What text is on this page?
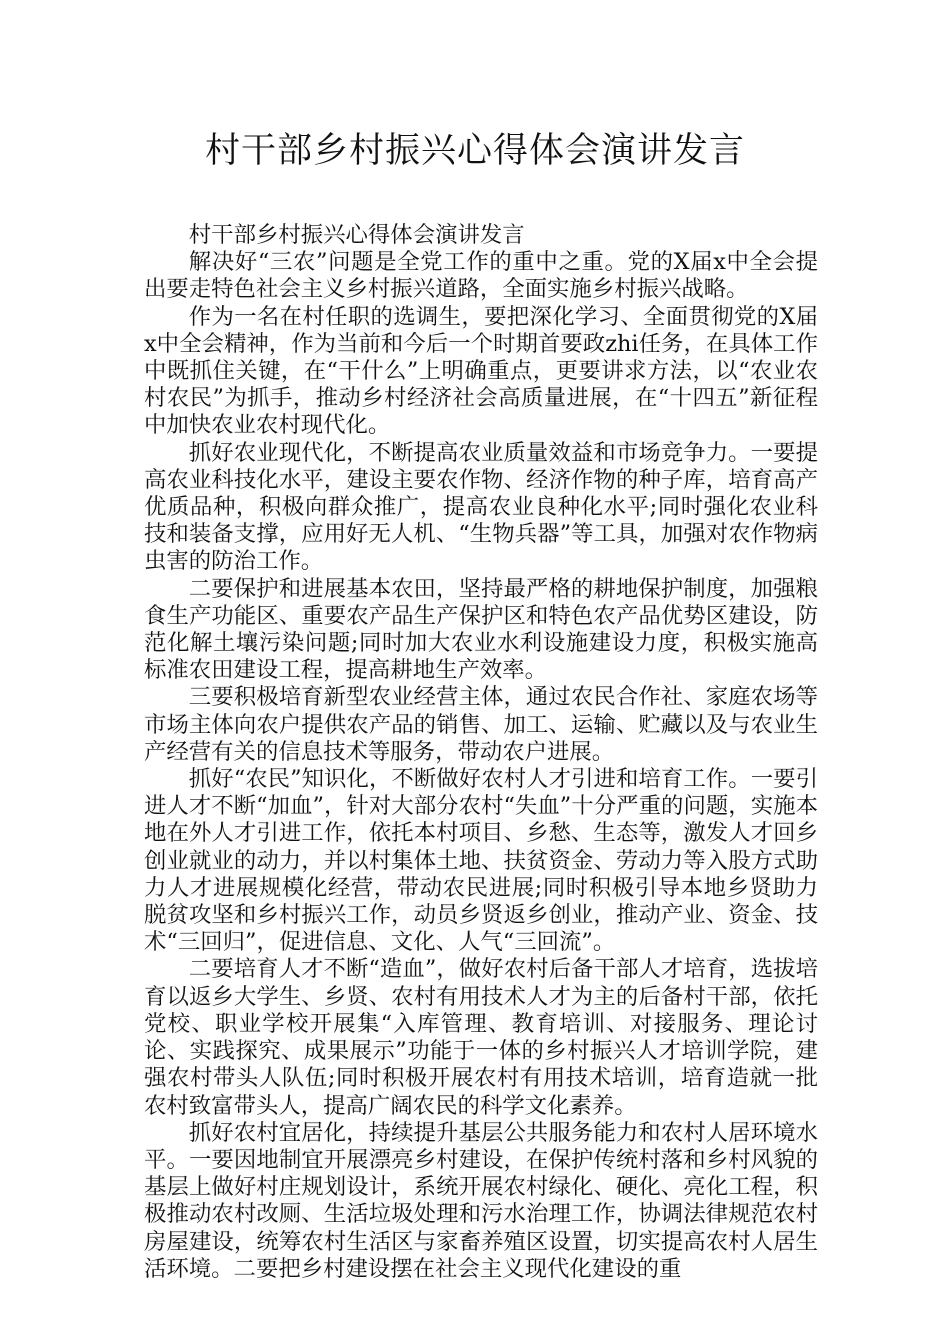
村干部乡村振兴心得体会演讲发言

村干部乡村振兴心得体会演讲发言

解决好“三农”问题是全党工作的重中之重。党的X届x中全会提出要走特色社会主义乡村振兴道路，全面实施乡村振兴战略。

作为一名在村任职的选调生，要把深化学习、全面贯彻党的X届x中全会精神，作为当前和今后一个时期首要政zhi任务，在具体工作中既抓住关键，在“干什么”上明确重点，更要讲求方法，以“农业农村农民”为抓手，推动乡村经济社会高质量进展，在“十四五”新征程中加快农业农村现代化。

抓好农业现代化，不断提高农业质量效益和市场竞争力。一要提高农业科技化水平，建设主要农作物、经济作物的种子库，培育高产优质品种，积极向群众推广，提高农业良种化水平;同时强化农业科技和装备支撑，应用好无人机、“生物兵器”等工具，加强对农作物病虫害的防治工作。

二要保护和进展基本农田，坚持最严格的耕地保护制度，加强粮食生产功能区、重要农产品生产保护区和特色农产品优势区建设，防范化解土壤污染问题;同时加大农业水利设施建设力度，积极实施高标准农田建设工程，提高耕地生产效率。

三要积极培育新型农业经营主体，通过农民合作社、家庭农场等市场主体向农户提供农产品的销售、加工、运输、贮藏以及与农业生产经营有关的信息技术等服务，带动农户进展。

抓好“农民”知识化，不断做好农村人才引进和培育工作。一要引进人才不断“加血”，针对大部分农村“失血”十分严重的问题，实施本地在外人才引进工作，依托本村项目、乡愁、生态等，激发人才回乡创业就业的动力，并以村集体土地、扶贫资金、劳动力等入股方式助力人才进展规模化经营，带动农民进展;同时积极引导本地乡贤助力脱贫攻坚和乡村振兴工作，动员乡贤返乡创业，推动产业、资金、技术“三回归”，促进信息、文化、人气“三回流”。

二要培育人才不断“造血”，做好农村后备干部人才培育，选拔培育以返乡大学生、乡贤、农村有用技术人才为主的后备村干部，依托党校、职业学校开展集“入库管理、教育培训、对接服务、理论讨论、实践探究、成果展示”功能于一体的乡村振兴人才培训学院，建强农村带头人队伍;同时积极开展农村有用技术培训，培育造就一批农村致富带头人，提高广阔农民的科学文化素养。

抓好农村宜居化，持续提升基层公共服务能力和农村人居环境水平。一要因地制宜开展漂亮乡村建设，在保护传统村落和乡村风貌的基层上做好村庄规划设计，系统开展农村绿化、硬化、亮化工程，积极推动农村改厕、生活垃圾处理和污水治理工作，协调法律规范农村房屋建设，统筹农村生活区与家畜养殖区设置，切实提高农村人居生活环境。二要把乡村建设摆在社会主义现代化建设的重
